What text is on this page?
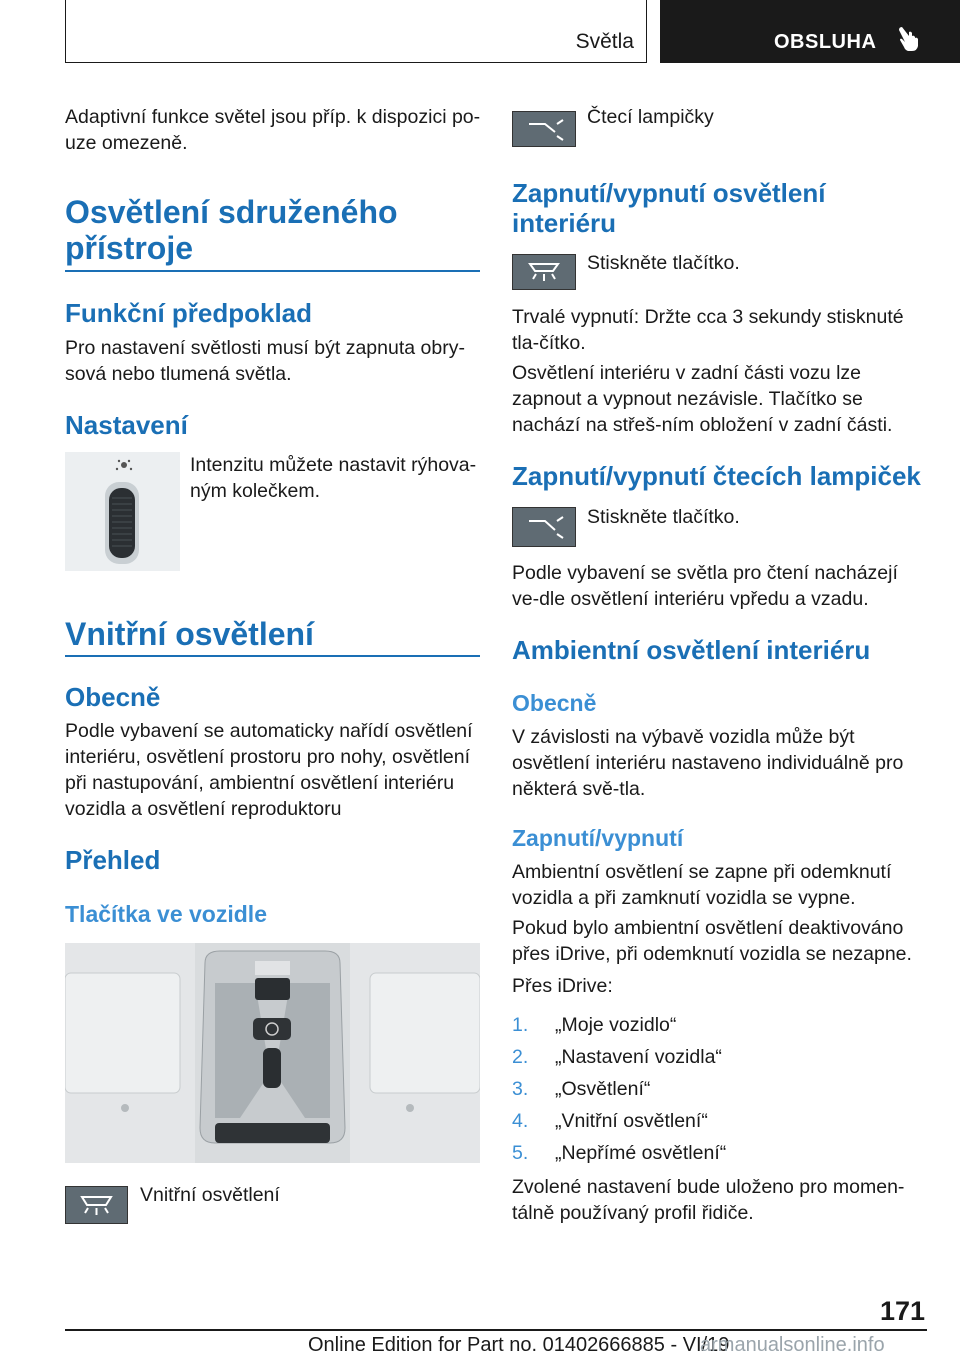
Světla	OBSLUHA

Adaptivní funkce světel jsou příp. k dispozici po‐uze omezeně.

Osvětlení sdruženého přístroje
Funkční předpoklad

Pro nastavení světlosti musí být zapnuta obry‐sová nebo tlumená světla.

Nastavení

Intenzitu můžete nastavit rýhova‐ným kolečkem.

Vnitřní osvětlení
Obecně

Podle vybavení se automaticky nařídí osvětlení interiéru, osvětlení prostoru pro nohy, osvětlení při nastupování, ambientní osvětlení interiéru vozidla a osvětlení reproduktoru

Přehled
Tlačítka ve vozidle

Vnitřní osvětlení

Čtecí lampičky

Zapnutí/vypnutí osvětlení interiéru

Stiskněte tlačítko.

Trvalé vypnutí: Držte cca 3 sekundy stisknuté tla‐čítko.

Osvětlení interiéru v zadní části vozu lze zapnout a vypnout nezávisle. Tlačítko se nachází na střeš‐ním obložení v zadní části.

Zapnutí/vypnutí čtecích lampiček

Stiskněte tlačítko.

Podle vybavení se světla pro čtení nacházejí ve‐dle osvětlení interiéru vpředu a vzadu.

Ambientní osvětlení interiéru
Obecně

V závislosti na výbavě vozidla může být osvětlení interiéru nastaveno individuálně pro některá svě‐tla.

Zapnutí/vypnutí

Ambientní osvětlení se zapne při odemknutí vozidla a při zamknutí vozidla se vypne.

Pokud bylo ambientní osvětlení deaktivováno přes iDrive, při odemknutí vozidla se nezapne.

Přes iDrive:

1. „Moje vozidlo“
2. „Nastavení vozidla“
3. „Osvětlení“
4. „Vnitřní osvětlení“
5. „Nepřímé osvětlení“

Zvolené nastavení bude uloženo pro momen‐tálně používaný profil řidiče.

171
Online Edition for Part no. 01402666885 - VI/19
armanualsonline.info
